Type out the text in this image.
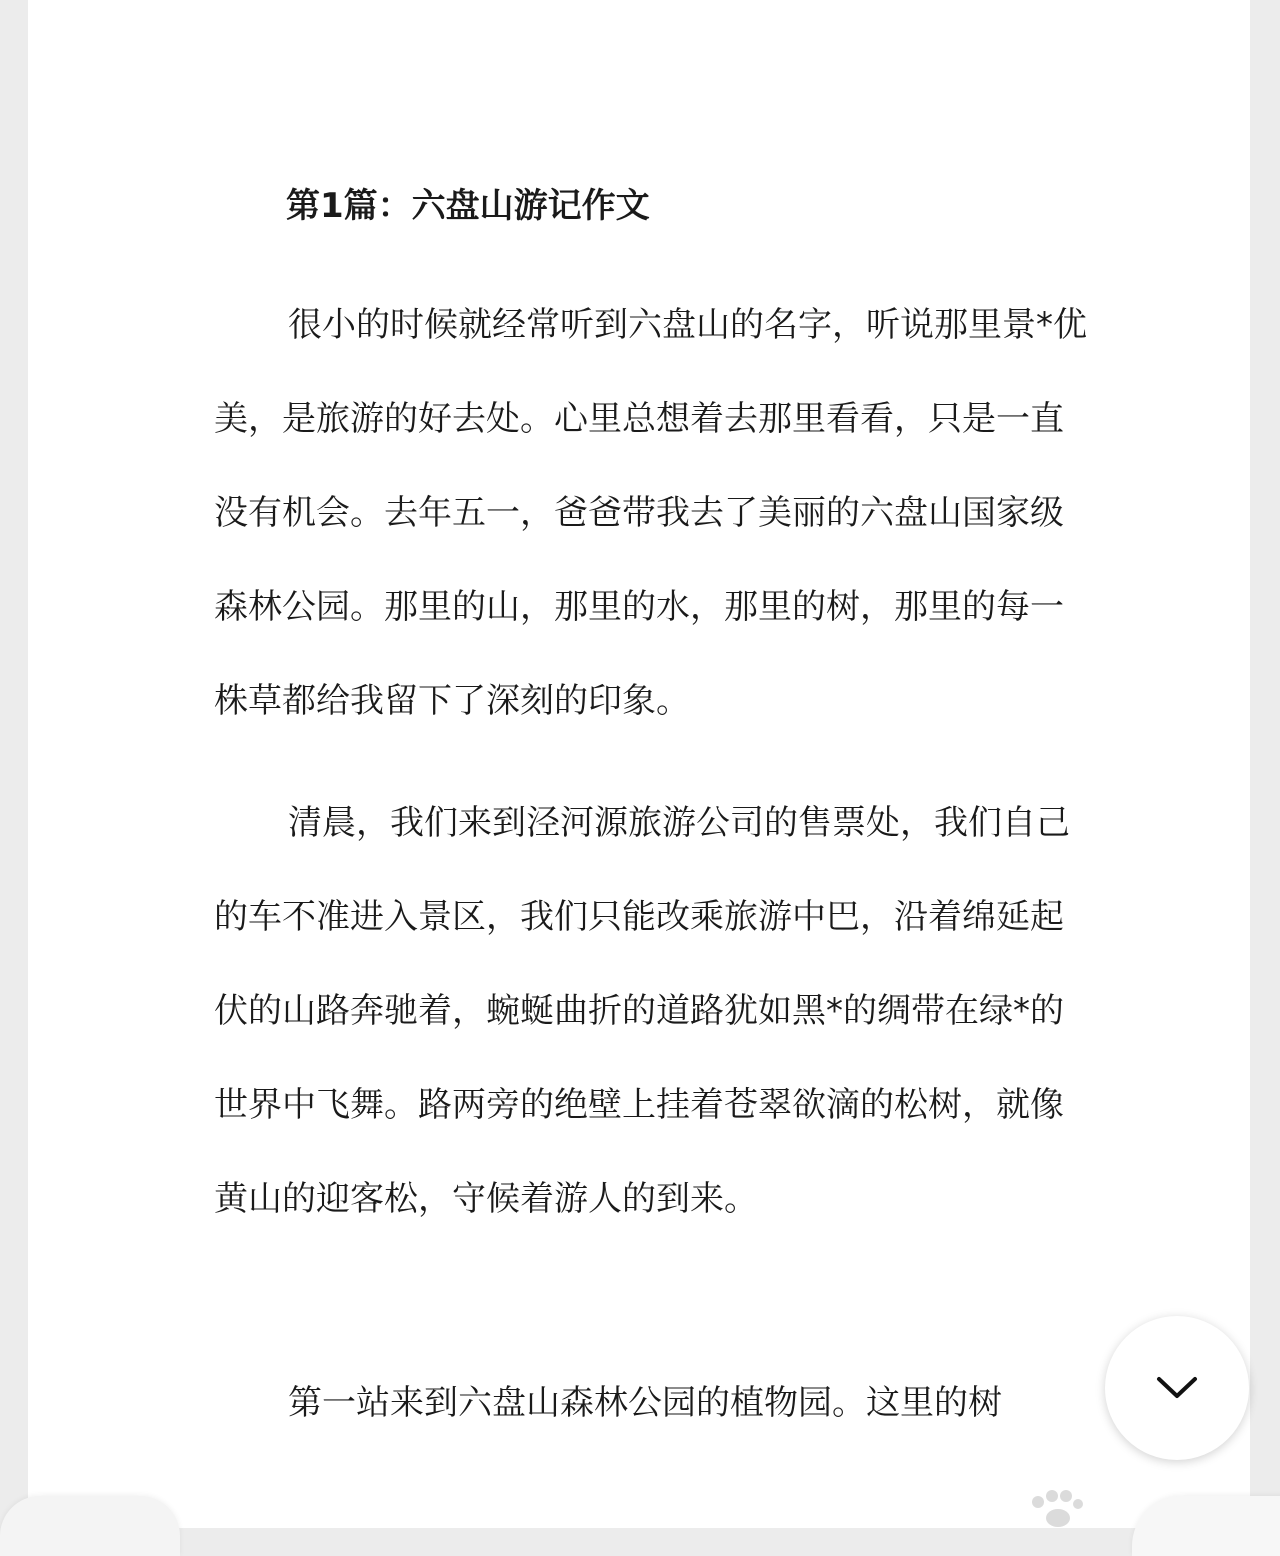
第1篇：六盘山游记作文

很小的时候就经常听到六盘山的名字，听说那里景*优美，是旅游的好去处。心里总想着去那里看看，只是一直没有机会。去年五一，爸爸带我去了美丽的六盘山国家级森林公园。那里的山，那里的水，那里的树，那里的每一株草都给我留下了深刻的印象。

清晨，我们来到泾河源旅游公司的售票处，我们自己的车不准进入景区，我们只能改乘旅游中巴，沿着绵延起伏的山路奔驰着，蜿蜒曲折的道路犹如黑*的绸带在绿*的世界中飞舞。路两旁的绝壁上挂着苍翠欲滴的松树，就像黄山的迎客松，守候着游人的到来。

第一站来到六盘山森林公园的植物园。这里的树
